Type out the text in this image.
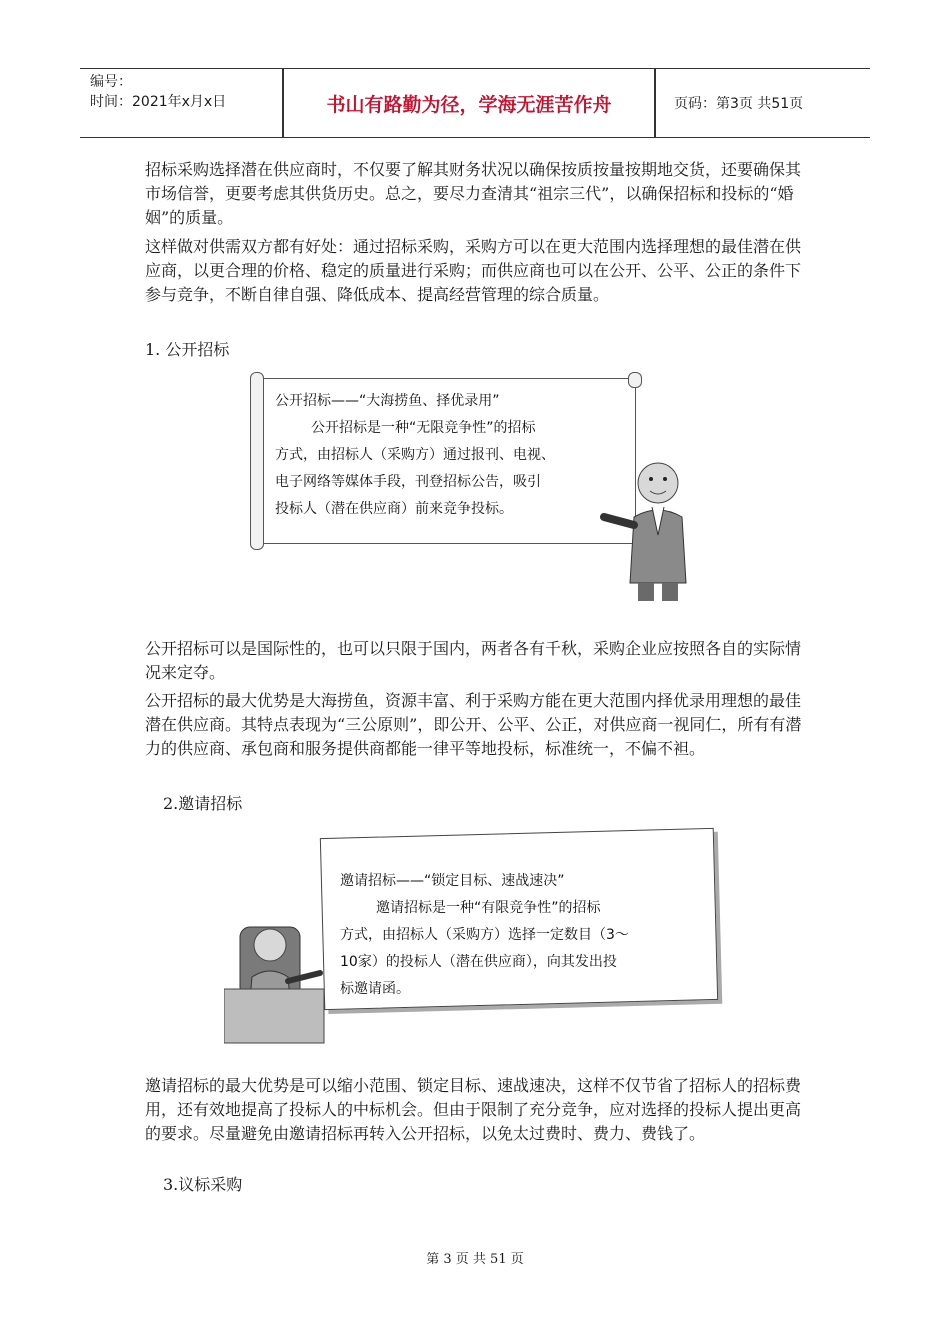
编号：
时间：2021年x月x日	书山有路勤为径，学海无涯苦作舟	页码：第3页 共51页

招标采购选择潜在供应商时，不仅要了解其财务状况以确保按质按量按期地交货，还要确保其市场信誉，更要考虑其供货历史。总之，要尽力查清其“祖宗三代”，以确保招标和投标的“婚姻”的质量。

这样做对供需双方都有好处：通过招标采购，采购方可以在更大范围内选择理想的最佳潜在供应商，以更合理的价格、稳定的质量进行采购；而供应商也可以在公开、公平、公正的条件下参与竞争，不断自律自强、降低成本、提高经营管理的综合质量。

1. 公开招标

公开招标——“大海捞鱼、择优录用”
公开招标是一种“无限竞争性”的招标
方式，由招标人（采购方）通过报刊、电视、
电子网络等媒体手段，刊登招标公告，吸引
投标人（潜在供应商）前来竞争投标。

公开招标可以是国际性的，也可以只限于国内，两者各有千秋，采购企业应按照各自的实际情况来定夺。

公开招标的最大优势是大海捞鱼，资源丰富、利于采购方能在更大范围内择优录用理想的最佳潜在供应商。其特点表现为“三公原则”，即公开、公平、公正，对供应商一视同仁，所有有潜力的供应商、承包商和服务提供商都能一律平等地投标，标准统一，不偏不袒。

2.邀请招标

邀请招标——“锁定目标、速战速决”
邀请招标是一种“有限竞争性”的招标
方式，由招标人（采购方）选择一定数目（3～
10家）的投标人（潜在供应商），向其发出投
标邀请函。

邀请招标的最大优势是可以缩小范围、锁定目标、速战速决，这样不仅节省了招标人的招标费用，还有效地提高了投标人的中标机会。但由于限制了充分竞争，应对选择的投标人提出更高的要求。尽量避免由邀请招标再转入公开招标，以免太过费时、费力、费钱了。

3.议标采购

第 3 页 共 51 页
